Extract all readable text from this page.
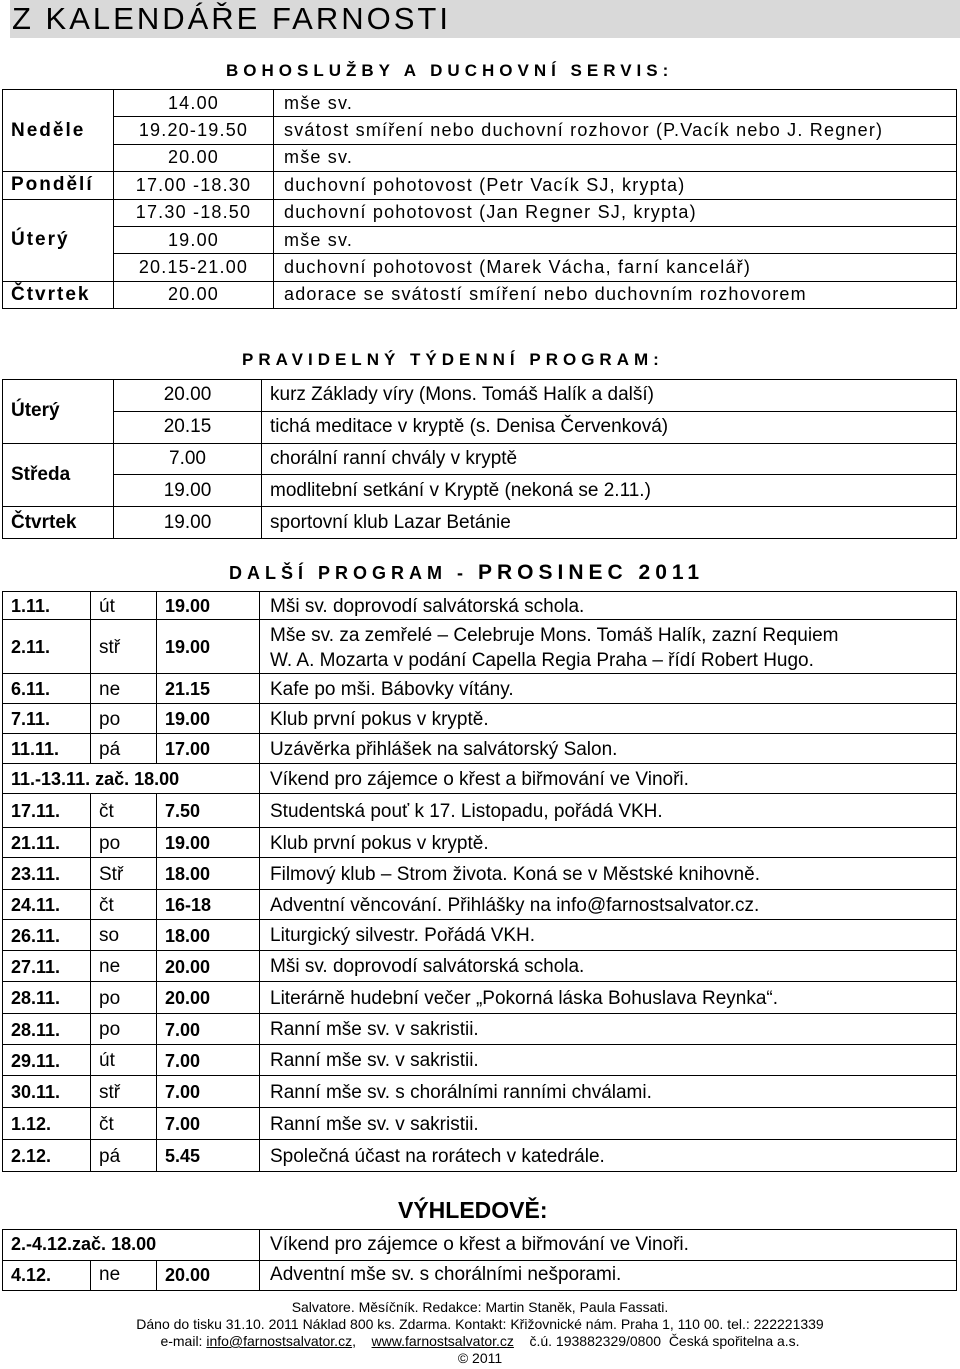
Z KALENDÁŘE FARNOSTI
BOHOSLUŽBY A DUCHOVNÍ SERVIS:
Neděle	14.00	mše sv.
	19.20-19.50	svátost smíření nebo duchovní rozhovor (P.Vacík nebo J. Regner)
	20.00	mše sv.
Pondělí	17.00 -18.30	duchovní pohotovost (Petr Vacík SJ, krypta)
Úterý	17.30 -18.50	duchovní pohotovost (Jan Regner SJ, krypta)
	19.00	mše sv.
	20.15-21.00	duchovní pohotovost (Marek Vácha, farní kancelář)
Čtvrtek	20.00	adorace se svátostí smíření nebo duchovním rozhovorem
PRAVIDELNÝ TÝDENNÍ PROGRAM:
Úterý	20.00	kurz Základy víry (Mons. Tomáš Halík a další)
	20.15	tichá meditace v kryptě (s. Denisa Červenková)
Středa	7.00	chorální ranní chvály v kryptě
	19.00	modlitební setkání v Kryptě (nekoná se 2.11.)
Čtvrtek	19.00	sportovní klub Lazar Betánie
DALŠÍ PROGRAM - PROSINEC 2011
1.11.	út	19.00	Mši sv. doprovodí salvátorská schola.
2.11.	stř	19.00	Mše sv. za zemřelé – Celebruje Mons. Tomáš Halík, zazní Requiem
W. A. Mozarta v podání Capella Regia Praha – řídí Robert Hugo.
6.11.	ne	21.15	Kafe po mši. Bábovky vítány.
7.11.	po	19.00	Klub první pokus v kryptě.
11.11.	pá	17.00	Uzávěrka přihlášek na salvátorský Salon.
11.-13.11. zač. 18.00			Víkend pro zájemce o křest a biřmování ve Vinoři.
17.11.	čt	7.50	Studentská pouť k 17. Listopadu, pořádá VKH.
21.11.	po	19.00	Klub první pokus v kryptě.
23.11.	Stř	18.00	Filmový klub – Strom života. Koná se v Městské knihovně.
24.11.	čt	16-18	Adventní věncování. Přihlášky na info@farnostsalvator.cz.
26.11.	so	18.00	Liturgický silvestr. Pořádá VKH.
27.11.	ne	20.00	Mši sv. doprovodí salvátorská schola.
28.11.	po	20.00	Literárně hudební večer „Pokorná láska Bohuslava Reynka“.
28.11.	po	7.00	Ranní mše sv. v sakristii.
29.11.	út	7.00	Ranní mše sv. v sakristii.
30.11.	stř	7.00	Ranní mše sv. s chorálními ranními chválami.
1.12.	čt	7.00	Ranní mše sv. v sakristii.
2.12.	pá	5.45	Společná účast na rorátech v katedrále.
VÝHLEDOVĚ:
2.-4.12.zač. 18.00			Víkend pro zájemce o křest a biřmování ve Vinoři.
4.12.	ne	20.00	Adventní mše sv. s chorálními nešporami.
Salvatore. Měsíčník. Redakce: Martin Staněk, Paula Fassati.
Dáno do tisku 31.10. 2011 Náklad 800 ks. Zdarma. Kontakt: Křižovnické nám. Praha 1, 110 00. tel.: 222221339
e-mail: info@farnostsalvator.cz,    www.farnostsalvator.cz    č.ú. 193882329/0800  Česká spořitelna a.s.
© 2011
